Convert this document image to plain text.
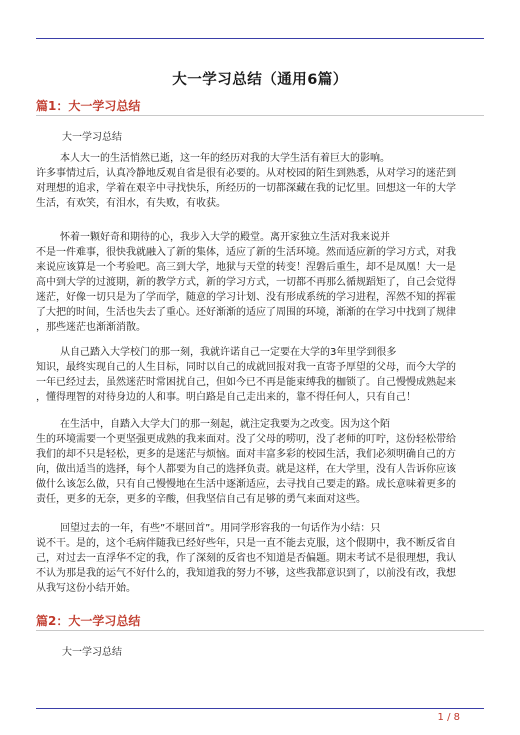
大一学习总结（通用6篇）
篇1：大一学习总结
大一学习总结
本人大一的生活悄然已逝，这一年的经历对我的大学生活有着巨大的影响。
许多事情过后，认真冷静地反观自省是很有必要的。从对校园的陌生到熟悉，从对学习的迷茫到
对理想的追求，学着在艰辛中寻找快乐，所经历的一切都深藏在我的记忆里。回想这一年的大学
生活，有欢笑，有泪水，有失败，有收获。
怀着一颗好奇和期待的心，我步入大学的殿堂。离开家独立生活对我来说并
不是一件难事，很快我就融入了新的集体，适应了新的生活环境。然而适应新的学习方式，对我
来说应该算是一个考验吧。高三到大学，地狱与天堂的转变！涅磐后重生，却不是凤凰！大一是
高中到大学的过渡期，新的教学方式，新的学习方式，一切都不再那么循规蹈矩了，自己会觉得
迷茫，好像一切只是为了学而学，随意的学习计划、没有形成系统的学习进程，浑然不知的挥霍
了大把的时间，生活也失去了重心。还好渐渐的适应了周围的环境，渐渐的在学习中找到了规律
，那些迷茫也渐渐消散。
从自己踏入大学校门的那一刻，我就许诺自己一定要在大学的3年里学到很多
知识，最终实现自己的人生目标，同时以自己的成就回报对我一直寄予厚望的父母，而今大学的
一年已经过去，虽然迷茫时常困扰自己，但如今已不再是能束缚我的枷锁了。自己慢慢成熟起来
，懂得理智的对待身边的人和事。明白路是自己走出来的，靠不得任何人，只有自己！
在生活中，自踏入大学大门的那一刻起，就注定我要为之改变。因为这个陌
生的环境需要一个更坚强更成熟的我来面对。没了父母的唠叨，没了老师的叮咛，这份轻松带给
我们的却不只是轻松，更多的是迷茫与烦恼。面对丰富多彩的校园生活，我们必须明确自己的方
向，做出适当的选择，每个人都要为自己的选择负责。就是这样，在大学里，没有人告诉你应该
做什么该怎么做，只有自己慢慢地在生活中逐渐适应，去寻找自己要走的路。成长意味着更多的
责任，更多的无奈，更多的辛酸，但我坚信自己有足够的勇气来面对这些。
回望过去的一年，有些”不堪回首”。用同学形容我的一句话作为小结：只
说不干。是的，这个毛病伴随我已经好些年，只是一直不能去克服，这个假期中，我不断反省自
己，对过去一直浮华不定的我，作了深刻的反省也不知道是否偏题。期末考试不是很理想，我认
不认为那是我的运气不好什么的，我知道我的努力不够，这些我都意识到了，以前没有改，我想
从我写这份小结开始。
篇2：大一学习总结
大一学习总结
1 / 8
